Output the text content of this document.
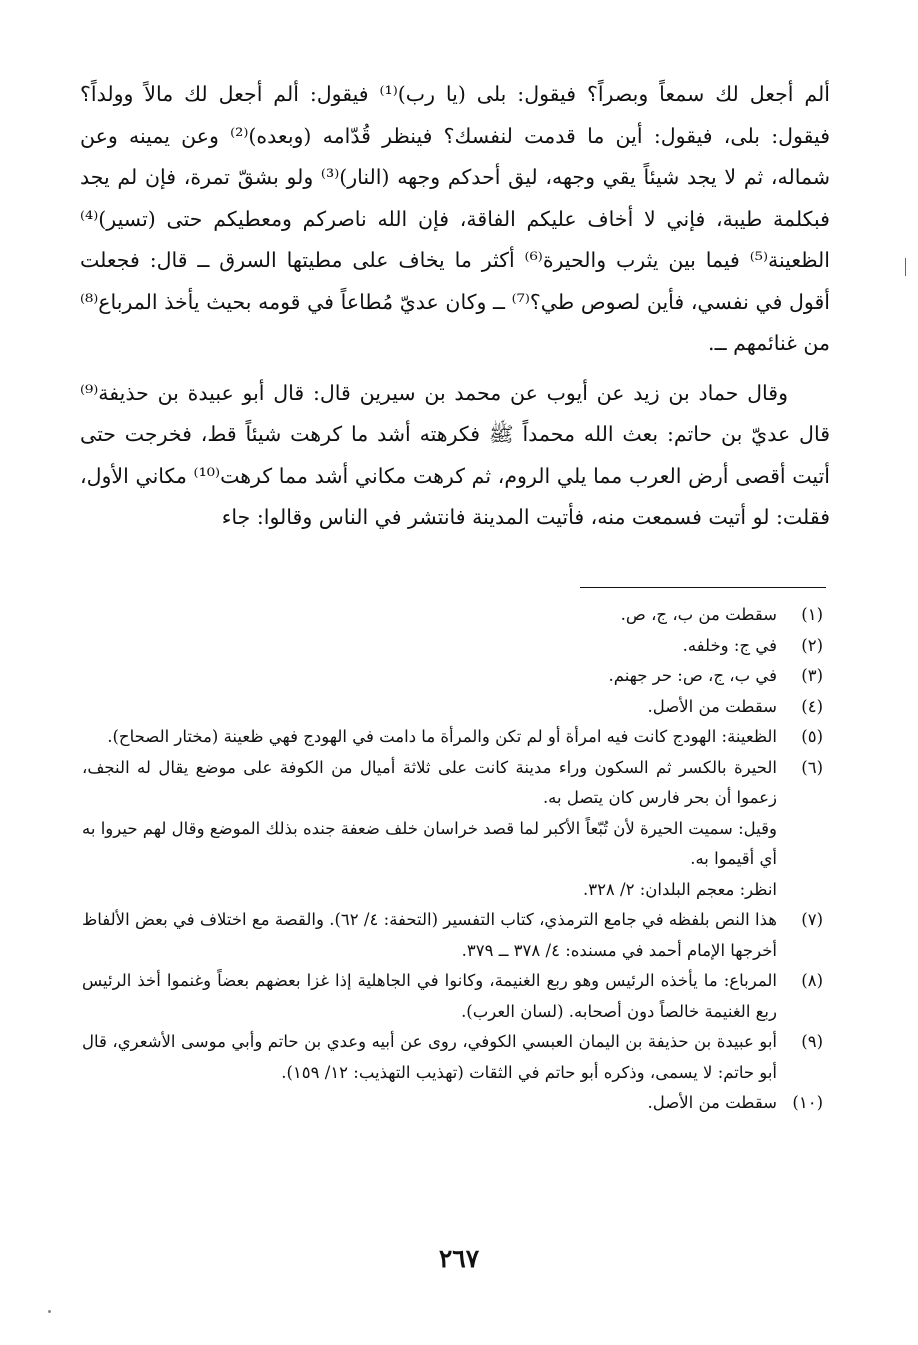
ألم أجعل لك سمعاً وبصراً؟ فيقول: بلى (يا رب)⁽¹⁾ فيقول: ألم أجعل لك مالاً وولداً؟ فيقول: بلى، فيقول: أين ما قدمت لنفسك؟ فينظر قُدّامه (وبعده)⁽²⁾ وعن يمينه وعن شماله، ثم لا يجد شيئاً يقي وجهه، ليق أحدكم وجهه (النار)⁽³⁾ ولو بشقّ تمرة، فإن لم يجد فبكلمة طيبة، فإني لا أخاف عليكم الفاقة، فإن الله ناصركم ومعطيكم حتى (تسير)⁽⁴⁾ الظعينة⁽⁵⁾ فيما بين يثرب والحيرة⁽⁶⁾ أكثر ما يخاف على مطيتها السرق ــ قال: فجعلت أقول في نفسي، فأين لصوص طي؟⁽⁷⁾ ــ وكان عديّ مُطاعاً في قومه بحيث يأخذ المرباع⁽⁸⁾ من غنائمهم ــ.

وقال حماد بن زيد عن أيوب عن محمد بن سيرين قال: قال أبو عبيدة بن حذيفة⁽⁹⁾ قال عديّ بن حاتم: بعث الله محمداً ﷺ فكرهته أشد ما كرهت شيئاً قط، فخرجت حتى أتيت أقصى أرض العرب مما يلي الروم، ثم كرهت مكاني أشد مما كرهت⁽¹⁰⁾ مكاني الأول، فقلت: لو أتيت فسمعت منه، فأتيت المدينة فانتشر في الناس وقالوا: جاء

(١)
سقطت من ب، ج، ص.
(٢)
في ج: وخلفه.
(٣)
في ب، ج، ص: حر جهنم.
(٤)
سقطت من الأصل.
(٥)
الظعينة: الهودج كانت فيه امرأة أو لم تكن والمرأة ما دامت في الهودج فهي ظعينة (مختار الصحاح).
(٦)
الحيرة بالكسر ثم السكون وراء مدينة كانت على ثلاثة أميال من الكوفة على موضع يقال له النجف، زعموا أن بحر فارس كان يتصل به.
وقيل: سميت الحيرة لأن تُبّعاً الأكبر لما قصد خراسان خلف ضعفة جنده بذلك الموضع وقال لهم حيروا به أي أقيموا به.
انظر: معجم البلدان: ٢/ ٣٢٨.
(٧)
هذا النص بلفظه في جامع الترمذي، كتاب التفسير (التحفة: ٤/ ٦٢). والقصة مع اختلاف في بعض الألفاظ أخرجها الإمام أحمد في مسنده: ٤/ ٣٧٨ ــ ٣٧٩.
(٨)
المرباع: ما يأخذه الرئيس وهو ربع الغنيمة، وكانوا في الجاهلية إذا غزا بعضهم بعضاً وغنموا أخذ الرئيس ربع الغنيمة خالصاً دون أصحابه. (لسان العرب).
(٩)
أبو عبيدة بن حذيفة بن اليمان العبسي الكوفي، روى عن أبيه وعدي بن حاتم وأبي موسى الأشعري، قال أبو حاتم: لا يسمى، وذكره أبو حاتم في الثقات (تهذيب التهذيب: ١٢/ ١٥٩).
(١٠)
سقطت من الأصل.
٢٦٧
